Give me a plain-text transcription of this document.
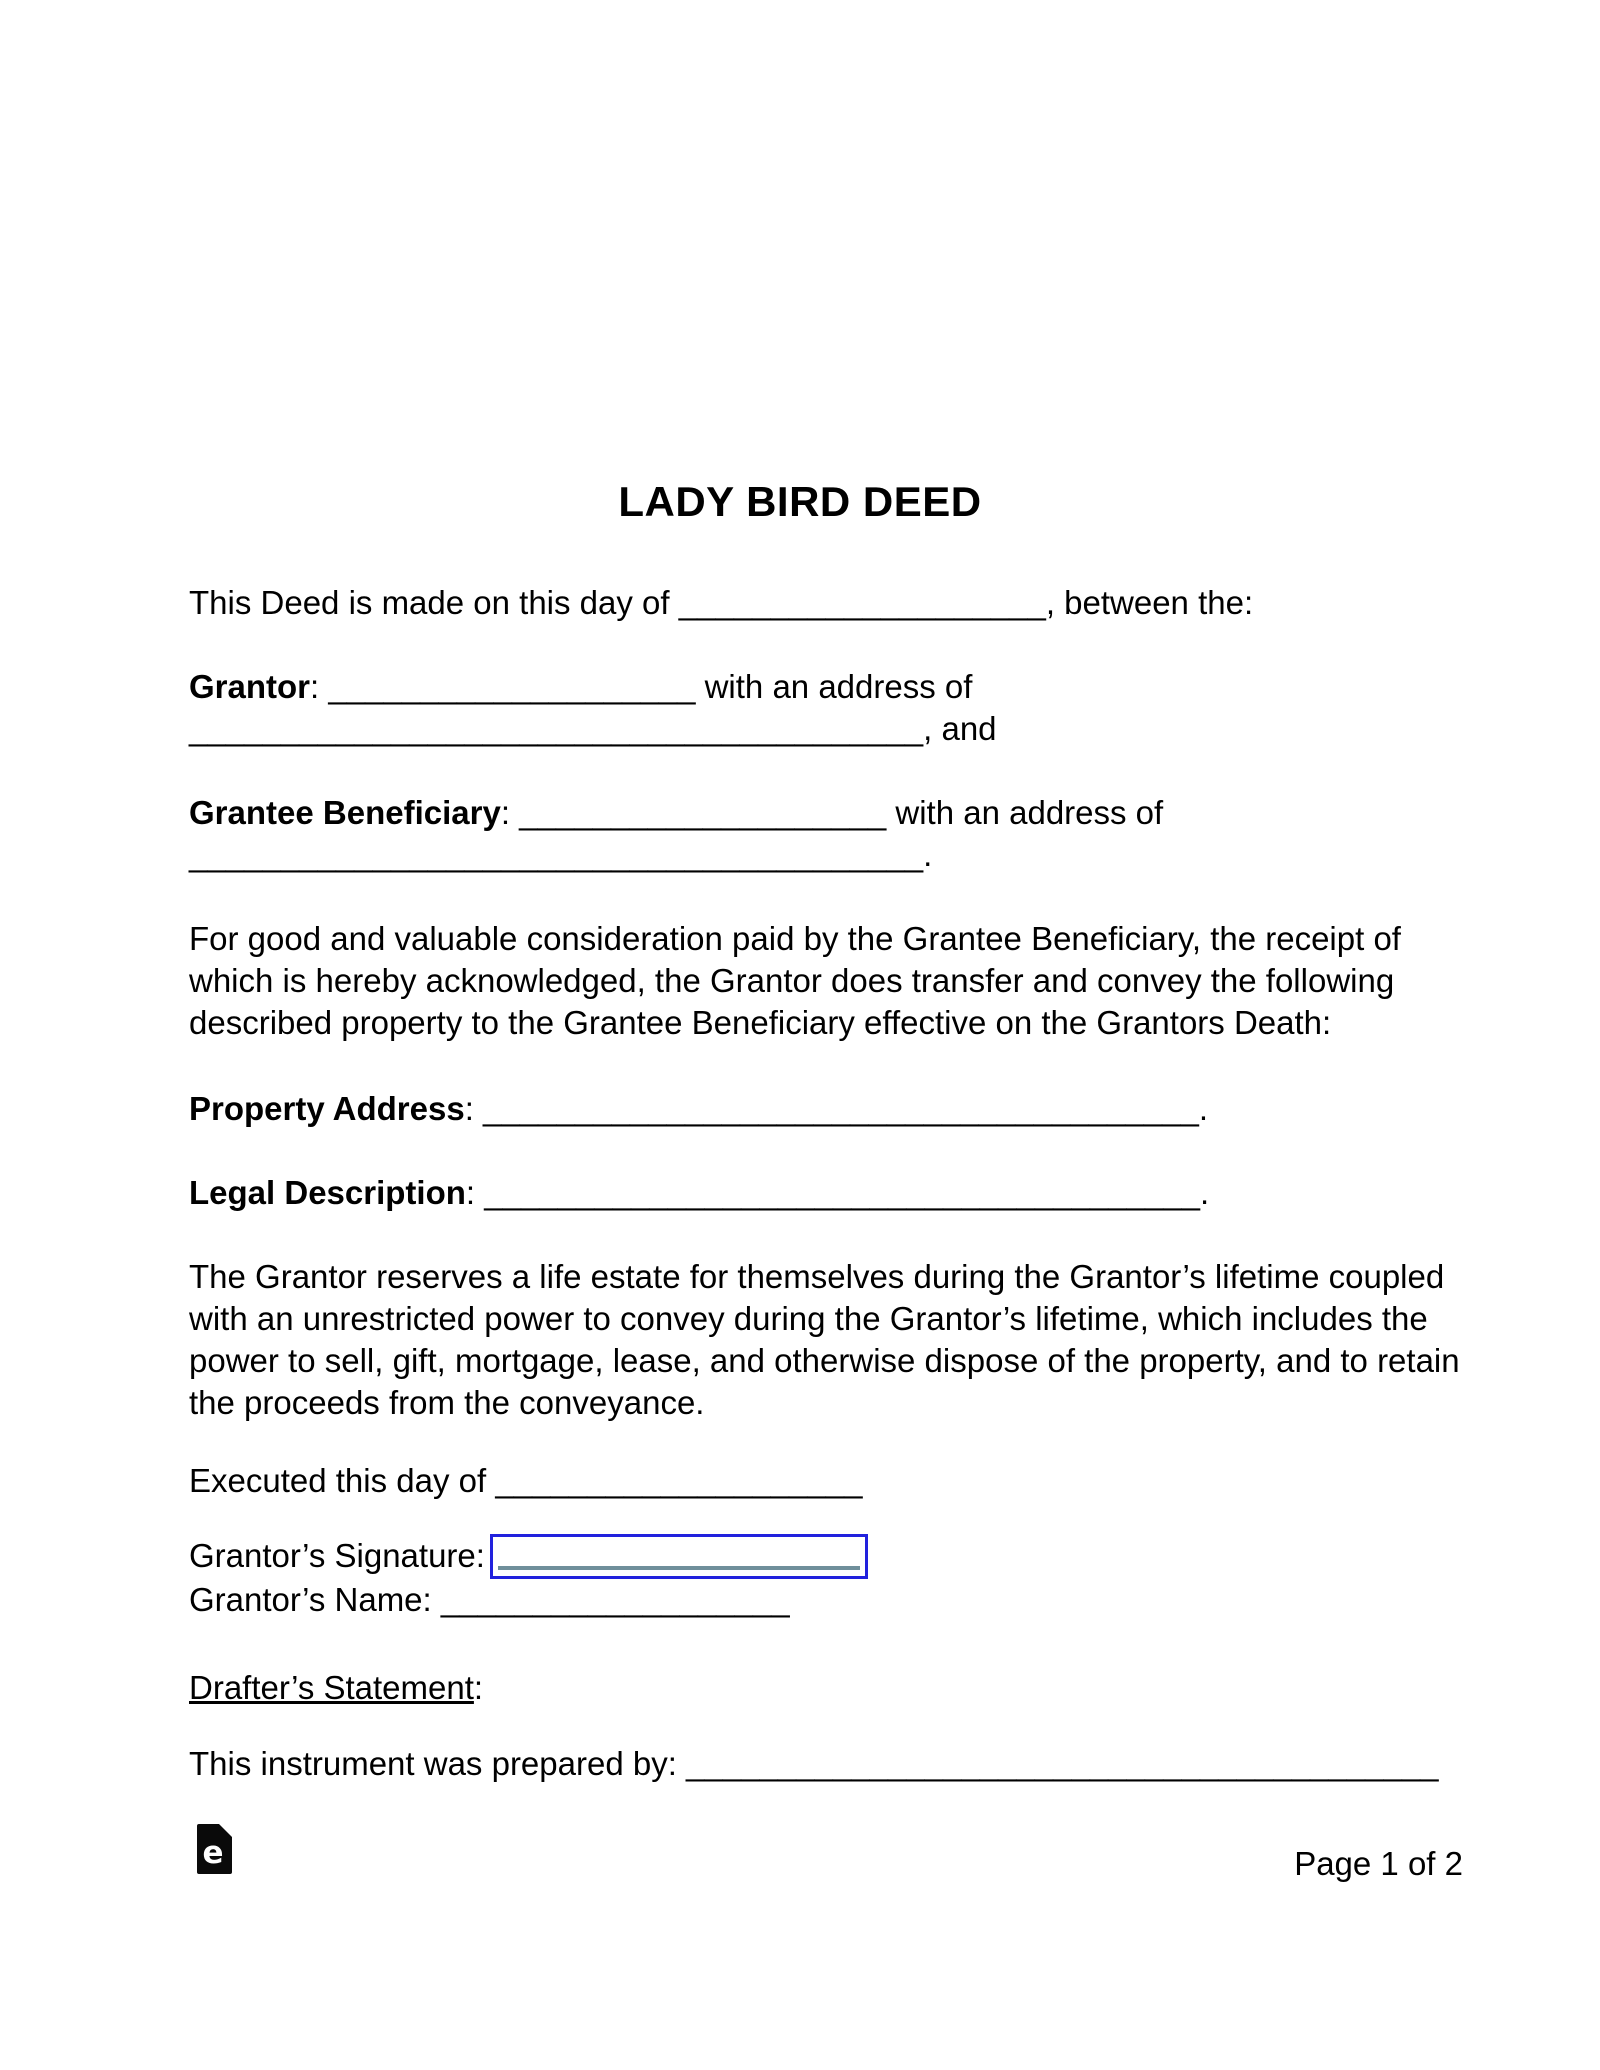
LADY BIRD DEED

This Deed is made on this day of ____________________, between the:

Grantor: ____________________ with an address of

________________________________________, and

Grantee Beneficiary: ____________________ with an address of

________________________________________.

For good and valuable consideration paid by the Grantee Beneficiary, the receipt of

which is hereby acknowledged, the Grantor does transfer and convey the following

described property to the Grantee Beneficiary effective on the Grantors Death:

Property Address: _______________________________________.

Legal Description: _______________________________________.

The Grantor reserves a life estate for themselves during the Grantor’s lifetime coupled

with an unrestricted power to convey during the Grantor’s lifetime, which includes the

power to sell, gift, mortgage, lease, and otherwise dispose of the property, and to retain

the proceeds from the conveyance.

Executed this day of ____________________

Grantor’s Signature:

Grantor’s Name: ___________________

Drafter’s Statement:

This instrument was prepared by: _________________________________________

e	Page 1 of 2
